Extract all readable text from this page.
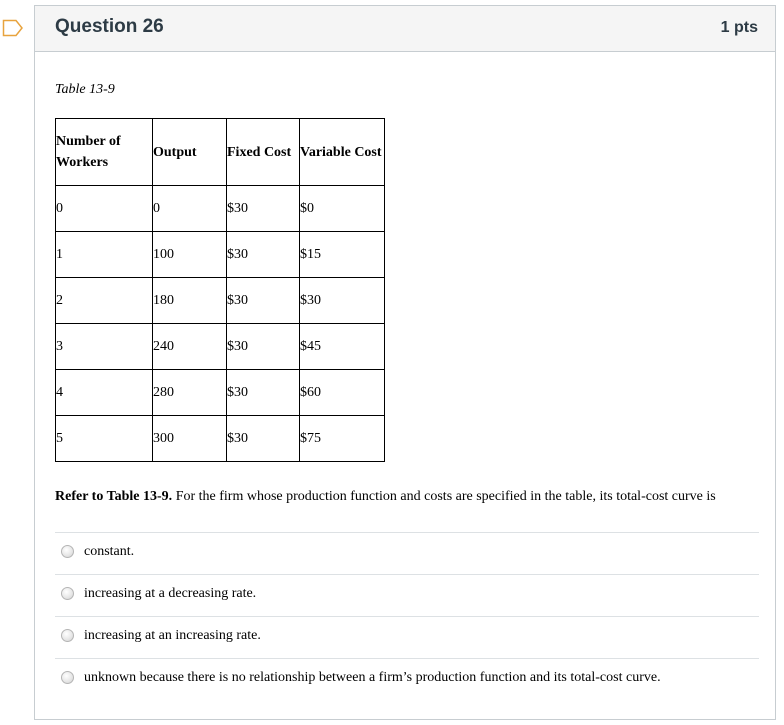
Question 26	1 pts
Table 13-9
Number of Workers	Output	Fixed Cost	Variable Cost
0	0	$30	$0
1	100	$30	$15
2	180	$30	$30
3	240	$30	$45
4	280	$30	$60
5	300	$30	$75
Refer to Table 13-9. For the firm whose production function and costs are specified in the table, its total-cost curve is
constant.
increasing at a decreasing rate.
increasing at an increasing rate.
unknown because there is no relationship between a firm’s production function and its total-cost curve.
